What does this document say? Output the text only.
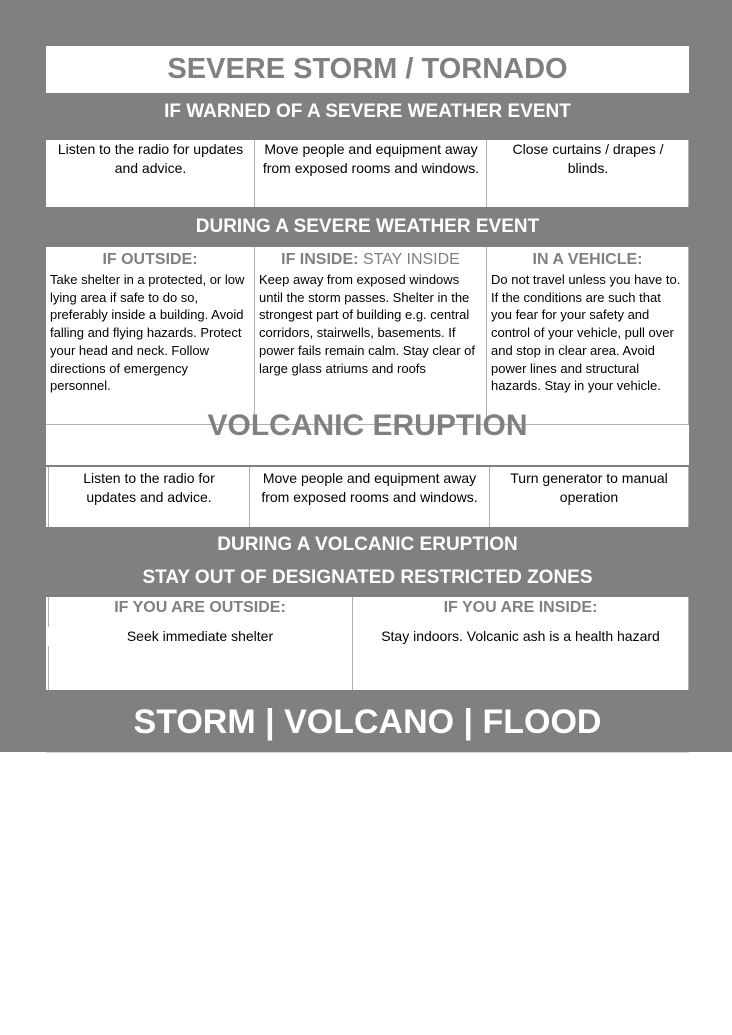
SEVERE STORM / TORNADO
IF WARNED OF A SEVERE WEATHER EVENT
Listen to the radio for updates and advice.
Move people and equipment away from exposed rooms and windows.
Close curtains / drapes / blinds.
DURING A SEVERE WEATHER EVENT
IF OUTSIDE:
Take shelter in a protected, or low lying area if safe to do so, preferably inside a building. Avoid falling and flying hazards. Protect your head and neck. Follow directions of emergency personnel.
IF INSIDE: STAY INSIDE
Keep away from exposed windows until the storm passes. Shelter in the strongest part of building e.g. central corridors, stairwells, basements. If power fails remain calm. Stay clear of large glass atriums and roofs
IN A VEHICLE:
Do not travel unless you have to. If the conditions are such that you fear for your safety and control of your vehicle, pull over and stop in clear area. Avoid power lines and structural hazards. Stay in your vehicle.
VOLCANIC ERUPTION
Listen to the radio for updates and advice.
Move people and equipment away from exposed rooms and windows.
Turn generator to manual operation
DURING A VOLCANIC ERUPTION
STAY OUT OF DESIGNATED RESTRICTED ZONES
IF YOU ARE OUTSIDE:
Seek immediate shelter
IF YOU ARE INSIDE:
Stay indoors. Volcanic ash is a health hazard
STORM | VOLCANO | FLOOD
